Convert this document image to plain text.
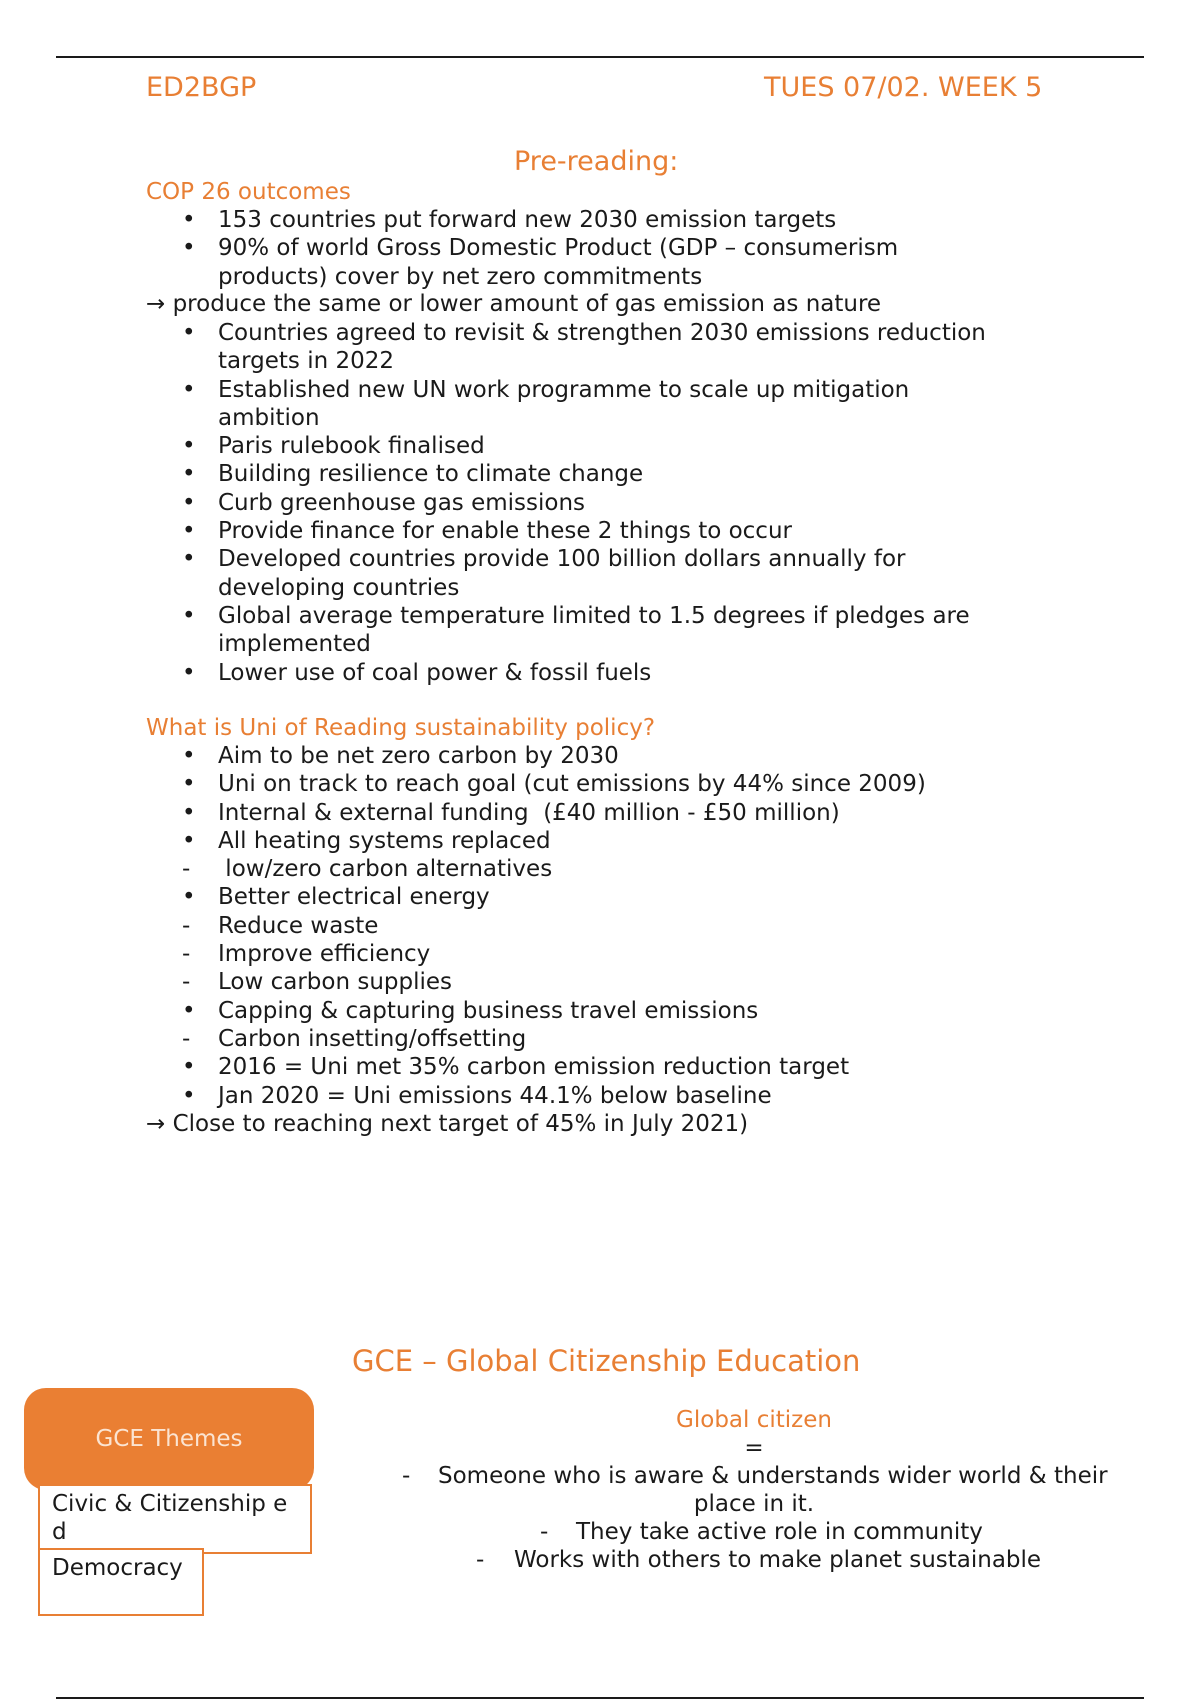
ED2BGP	TUES 07/02. WEEK 5
Pre-reading:
COP 26 outcomes
• 153 countries put forward new 2030 emission targets
• 90% of world Gross Domestic Product (GDP – consumerism
products) cover by net zero commitments
→ produce the same or lower amount of gas emission as nature
• Countries agreed to revisit & strengthen 2030 emissions reduction
targets in 2022
• Established new UN work programme to scale up mitigation
ambition
• Paris rulebook finalised
• Building resilience to climate change
• Curb greenhouse gas emissions
• Provide finance for enable these 2 things to occur
• Developed countries provide 100 billion dollars annually for
developing countries
• Global average temperature limited to 1.5 degrees if pledges are
implemented
• Lower use of coal power & fossil fuels
What is Uni of Reading sustainability policy?
• Aim to be net zero carbon by 2030
• Uni on track to reach goal (cut emissions by 44% since 2009)
• Internal & external funding  (£40 million - £50 million)
• All heating systems replaced
-	low/zero carbon alternatives
• Better electrical energy
-	Reduce waste
-	Improve efficiency
-	Low carbon supplies
• Capping & capturing business travel emissions
-	Carbon insetting/offsetting
• 2016 = Uni met 35% carbon emission reduction target
• Jan 2020 = Uni emissions 44.1% below baseline
→ Close to reaching next target of 45% in July 2021)
GCE – Global Citizenship Education
GCE Themes
Civic & Citizenship ed
Democracy
Global citizen
=
- Someone who is aware & understands wider world & their
place in it.
- They take active role in community
- Works with others to make planet sustainable
